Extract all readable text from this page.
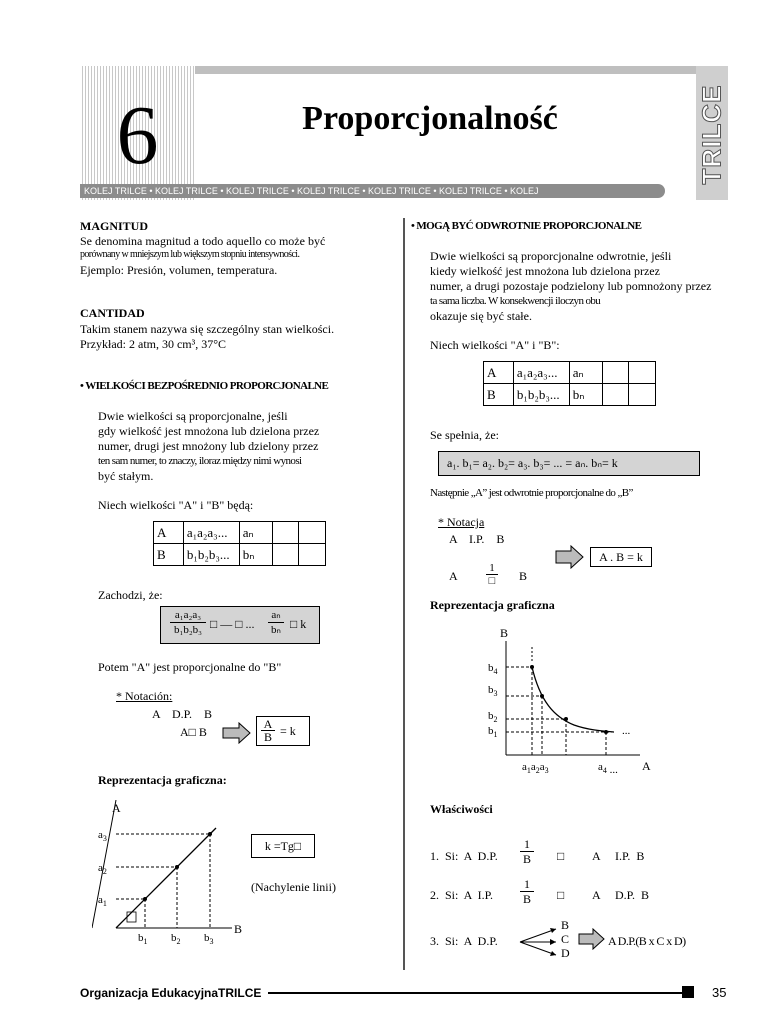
6	Proporcjonalność
KOLEJ TRILCE • KOLEJ TRILCE • KOLEJ TRILCE • KOLEJ TRILCE • KOLEJ TRILCE • KOLEJ TRILCE • KOLEJ
TRILCE
MAGNITUD
Se denomina magnitud a todo aquello co może być
porównany w mniejszym lub większym stopniu intensywności.
Ejemplo: Presión, volumen, temperatura.
CANTIDAD
Takim stanem nazywa się szczególny stan wielkości.
Przykład: 2 atm, 30 cm³, 37°C
• WIELKOŚCI BEZPOŚREDNIO PROPORCJONALNE
Dwie wielkości są proporcjonalne, jeśli
gdy wielkość jest mnożona lub dzielona przez
numer, drugi jest mnożony lub dzielony przez
ten sam numer, to znaczy, iloraz między nimi wynosi
być stałym.
Niech wielkości "A" i "B" będą:
A	a₁a₂a₃...	aₙ		
B	b₁b₂b₃...	bₙ		
Zachodzi, że:
a₁a₂a₃
b₁b₂b₃ □ — □ ...
aₙ
bₙ □ k
Potem "A" jest proporcjonalne do "B"
* Notación:
A    D.P.    B
A□ B
A
B = k
Reprezentacja graficzna:
A
B
$a_3$
$a_2$
$a_1$
$b_1$ $b_2$ $b_3$
k =Tg□
(Nachylenie linii)
• MOGĄ BYĆ ODWROTNIE PROPORCJONALNE
Dwie wielkości są proporcjonalne odwrotnie, jeśli
kiedy wielkość jest mnożona lub dzielona przez
numer, a drugi pozostaje podzielony lub pomnożony przez
ta sama liczba. W konsekwencji iloczyn obu
okazuje się być stałe.
Niech wielkości "A" i "B":
A	a₁a₂a₃...	aₙ		
B	b₁b₂b₃...	bₙ		
Se spełnia, że:
a₁. b₁= a₂. b₂= a₃. b₃= ... = aₙ. bₙ= k
Następnie „A” jest odwrotnie proporcjonalne do „B”
* Notacja
A    I.P.    B
A
1
□ B
A . B = k
Reprezentacja graficzna
B
A
$b_4$
$b_3$
$b_2$
$b_1$
$a_1a_2a_3$	$a_4$ ...
...
Właściwości
1.  Si:  A  D.P.
1
B □ A     I.P.  B
2.  Si:  A  I.P.
1
B □ A     D.P.  B
3.  Si:  A  D.P.
B
C
D
A D.P.(B x C x D)
Organizacja EdukacyjnaTRILCE	35
